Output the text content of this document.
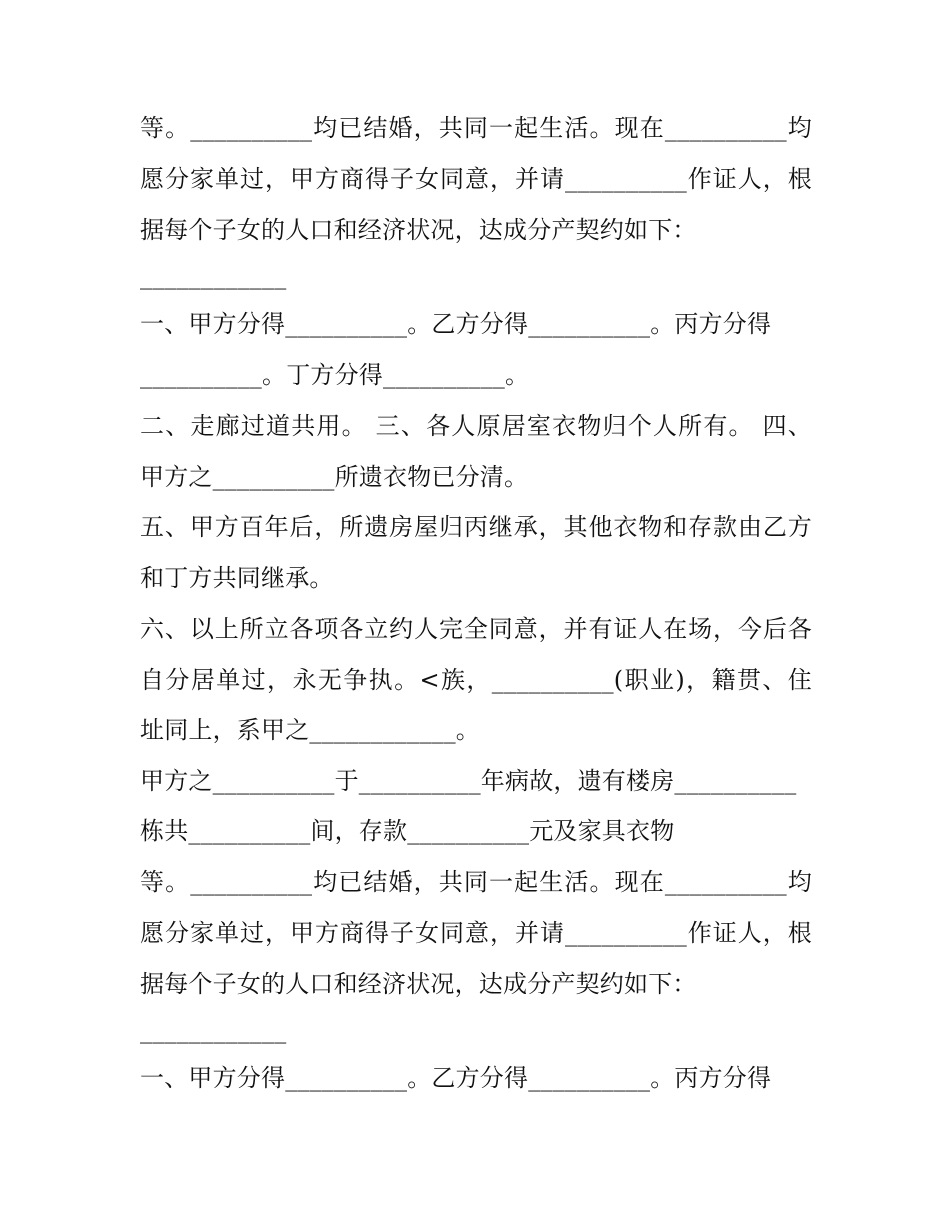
等。__________均已结婚，共同一起生活。现在__________均
愿分家单过，甲方商得子女同意，并请__________作证人，根
据每个子女的人口和经济状况，达成分产契约如下：
____________
一、甲方分得__________。乙方分得__________。丙方分得
__________。丁方分得__________。
二、走廊过道共用。 三、各人原居室衣物归个人所有。 四、
甲方之__________所遗衣物已分清。
五、甲方百年后，所遗房屋归丙继承，其他衣物和存款由乙方
和丁方共同继承。
六、以上所立各项各立约人完全同意，并有证人在场，今后各
自分居单过，永无争执。<族，__________(职业)，籍贯、住
址同上，系甲之____________。
甲方之__________于__________年病故，遗有楼房__________
栋共__________间，存款__________元及家具衣物
等。__________均已结婚，共同一起生活。现在__________均
愿分家单过，甲方商得子女同意，并请__________作证人，根
据每个子女的人口和经济状况，达成分产契约如下：
____________
一、甲方分得__________。乙方分得__________。丙方分得
